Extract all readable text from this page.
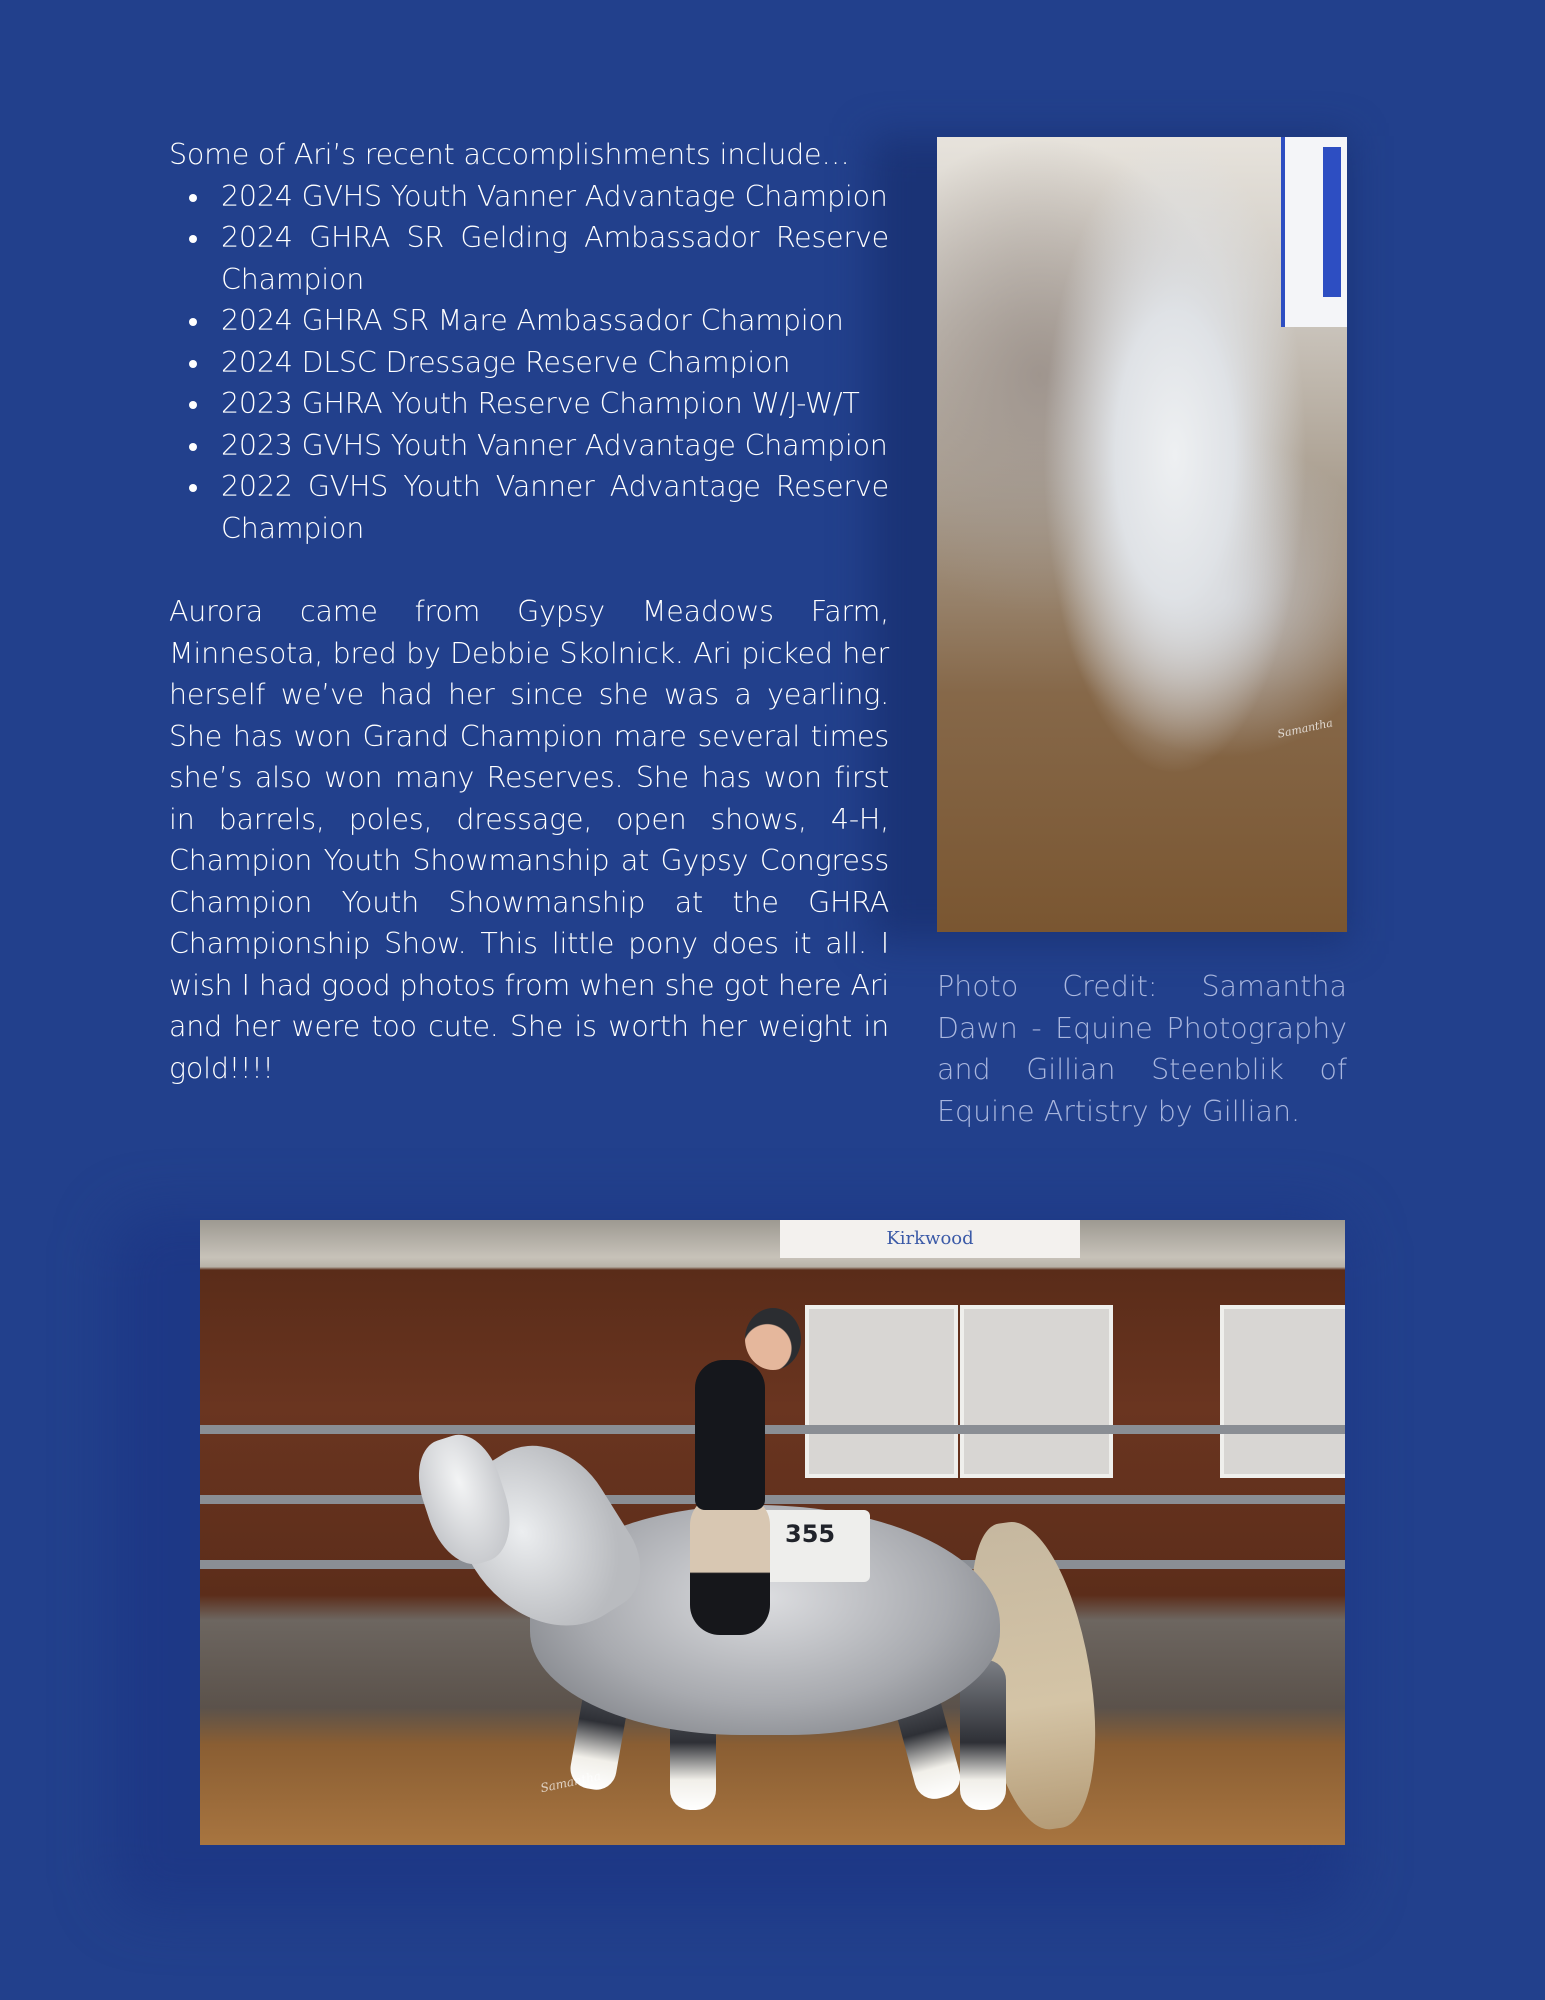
Some of Ari’s recent accomplishments include…

2024 GVHS Youth Vanner Advantage Champion
2024 GHRA SR Gelding Ambassador Reserve Champion
2024 GHRA SR Mare Ambassador Champion
2024 DLSC Dressage Reserve Champion
2023 GHRA Youth Reserve Champion W/J-W/T
2023 GVHS Youth Vanner Advantage Champion
2022 GVHS Youth Vanner Advantage Reserve Champion

Aurora came from Gypsy Meadows Farm, Minnesota, bred by Debbie Skolnick. Ari picked her herself we’ve had her since she was a yearling. She has won Grand Champion mare several times she’s also won many Reserves. She has won first in barrels, poles, dressage, open shows, 4-H, Champion Youth Showmanship at Gypsy Congress Champion Youth Showmanship at the GHRA Championship Show. This little pony does it all. I wish I had good photos from when she got here Ari and her were too cute. She is worth her weight in gold!!!!

Samantha

Photo Credit: Samantha Dawn - Equine Photography and Gillian Steenblik of Equine Artistry by Gillian.

Kirkwood
355
Samantha
